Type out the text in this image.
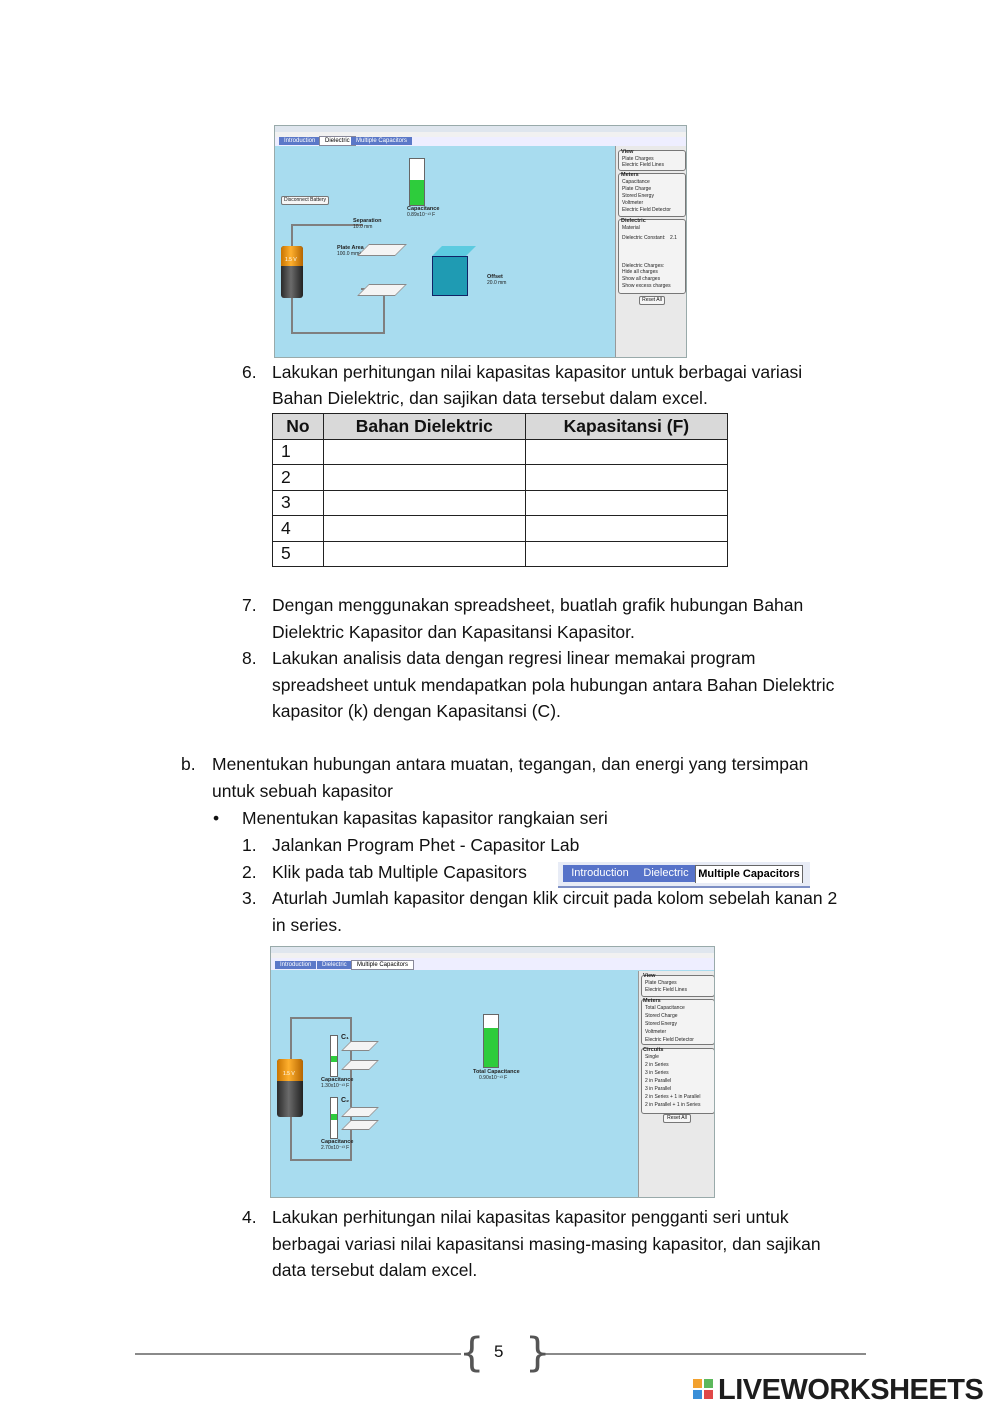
Introduction	Dielectric	Multiple Capacitors
1.5 V
Disconnect Battery
Separation
10.0 mm
Plate Area
100.0 mm²
Capacitance
0.89x10⁻¹³ F
Offset
20.0 mm
View
Plate Charges
Electric Field Lines
Meters
Capacitance
Plate Charge
Stored Energy
Voltmeter
Electric Field Detector
Dielectric
Material
Dielectric Constant: 2.1
Dielectric Charges:
Hide all charges
Show all charges
Show excess charges
Reset All
6. Lakukan perhitungan nilai kapasitas kapasitor untuk berbagai variasi
Bahan Dielektric, dan sajikan data tersebut dalam excel.
No	Bahan Dielektric	Kapasitansi (F)
1		
2		
3		
4		
5		
7. Dengan menggunakan spreadsheet, buatlah grafik hubungan Bahan
Dielektric Kapasitor dan Kapasitansi Kapasitor.
8. Lakukan analisis data dengan regresi linear memakai program
spreadsheet untuk mendapatkan pola hubungan antara Bahan Dielektric
kapasitor (k) dengan Kapasitansi (C).
b. Menentukan hubungan antara muatan, tegangan, dan energi yang tersimpan
untuk sebuah kapasitor
• Menentukan kapasitas kapasitor rangkaian seri
1. Jalankan Program Phet - Capasitor Lab
2. Klik pada tab Multiple Capasitors	Introduction	Dielectric Multiple Capacitors
3. Aturlah Jumlah kapasitor dengan klik circuit pada kolom sebelah kanan 2
in series.
Introduction	Dielectric	Multiple Capacitors
1.5 V
C₁
Capacitance
1.30x10⁻¹³ F
C₂
Capacitance
2.70x10⁻¹³ F
Total Capacitance
0.90x10⁻¹³ F
View
Plate Charges
Electric Field Lines
Meters
Total Capacitance
Stored Charge
Stored Energy
Voltmeter
Electric Field Detector
Circuits
Single
2 in Series
3 in Series
2 in Parallel
3 in Parallel
2 in Series + 1 in Parallel
2 in Parallel + 1 in Series
Reset All
4. Lakukan perhitungan nilai kapasitas kapasitor pengganti seri untuk
berbagai variasi nilai kapasitansi masing-masing kapasitor, dan sajikan
data tersebut dalam excel.
{ }
5
LIVEWORKSHEETS
